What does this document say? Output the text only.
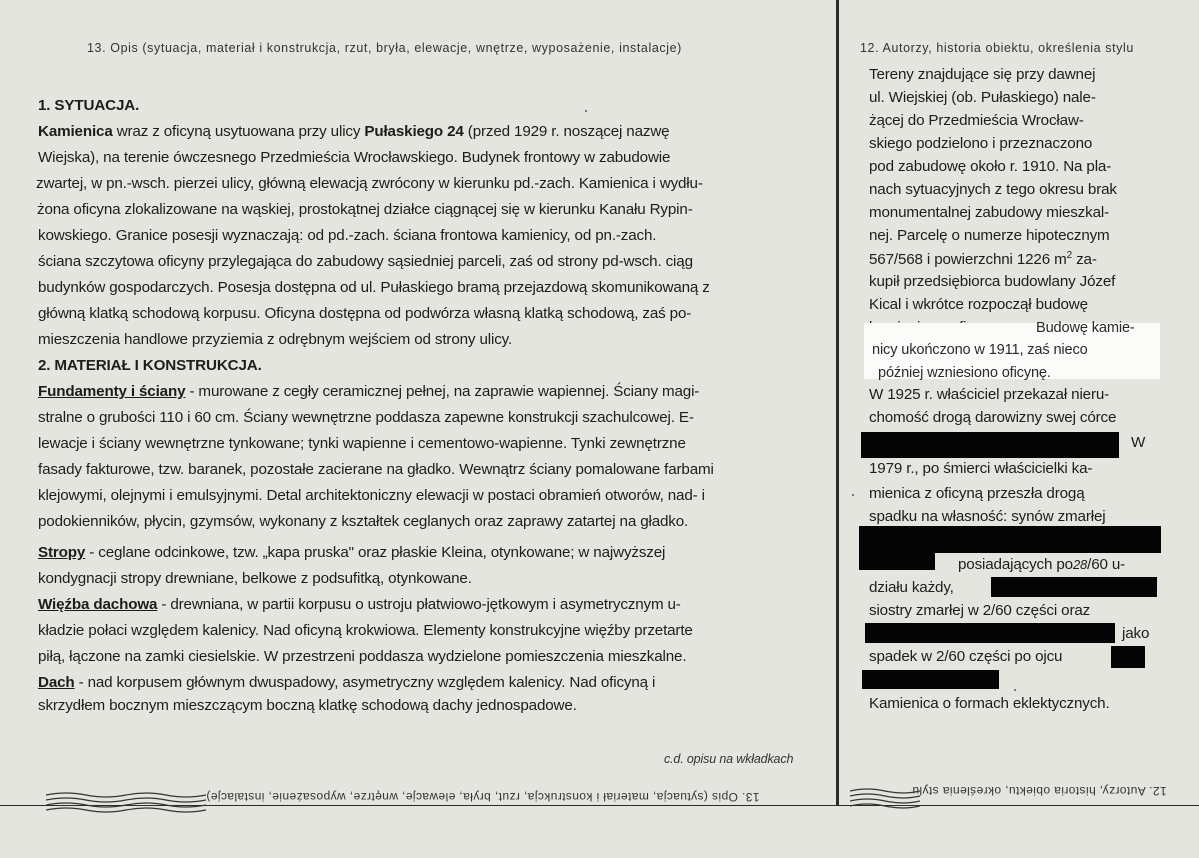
13. Opis (sytuacja, materiał i konstrukcja, rzut, bryła, elewacje, wnętrze, wyposażenie, instalacje)
1. SYTUACJA.
Kamienica wraz z oficyną usytuowana przy ulicy Pułaskiego 24 (przed 1929 r. noszącej nazwę
Wiejska), na terenie ówczesnego Przedmieścia Wrocławskiego. Budynek frontowy w zabudowie
zwartej, w pn.-wsch. pierzei ulicy, główną elewacją zwrócony w kierunku pd.-zach. Kamienica i wydłu-
żona oficyna zlokalizowane na wąskiej, prostokątnej działce ciągnącej się w kierunku Kanału Rypin-
kowskiego. Granice posesji wyznaczają: od pd.-zach. ściana frontowa kamienicy, od pn.-zach.
ściana szczytowa oficyny przylegająca do zabudowy sąsiedniej parceli, zaś od strony pd-wsch. ciąg
budynków gospodarczych. Posesja dostępna od ul. Pułaskiego bramą przejazdową skomunikowaną z
główną klatką schodową korpusu. Oficyna dostępna od podwórza własną klatką schodową, zaś po-
mieszczenia handlowe przyziemia z odrębnym wejściem od strony ulicy.
2. MATERIAŁ I KONSTRUKCJA.
Fundamenty i ściany - murowane z cegły ceramicznej pełnej, na zaprawie wapiennej. Ściany magi-
stralne o grubości 110 i 60 cm. Ściany wewnętrzne poddasza zapewne konstrukcji szachulcowej. E-
lewacje i ściany wewnętrzne tynkowane; tynki wapienne i cementowo-wapienne. Tynki zewnętrzne
fasady fakturowe, tzw. baranek, pozostałe zacierane na gładko. Wewnątrz ściany pomalowane farbami
klejowymi, olejnymi i emulsyjnymi. Detal architektoniczny elewacji w postaci obramień otworów, nad- i
podokienników, płycin, gzymsów, wykonany z kształtek ceglanych oraz zaprawy zatartej na gładko.
Stropy - ceglane odcinkowe, tzw. „kapa pruska" oraz płaskie Kleina, otynkowane; w najwyższej
kondygnacji stropy drewniane, belkowe z podsufitką, otynkowane.
Więźba dachowa - drewniana, w partii korpusu o ustroju płatwiowo-jętkowym i asymetrycznym u-
kładzie połaci względem kalenicy. Nad oficyną krokwiowa. Elementy konstrukcyjne więźby przetarte
piłą, łączone na zamki ciesielskie. W przestrzeni poddasza wydzielone pomieszczenia mieszkalne.
Dach - nad korpusem głównym dwuspadowy, asymetryczny względem kalenicy. Nad oficyną i
skrzydłem bocznym mieszczącym boczną klatkę schodową dachy jednospadowe.
c.d. opisu na wkładkach
12. Autorzy, historia obiektu, określenia stylu
Tereny znajdujące się przy dawnej
ul. Wiejskiej (ob. Pułaskiego) nale-
żącej do Przedmieścia Wrocław-
skiego podzielono i przeznaczono
pod zabudowę około r. 1910. Na pla-
nach sytuacyjnych z tego okresu brak
monumentalnej zabudowy mieszkal-
nej. Parcelę o numerze hipotecznym
567/568 i powierzchni 1226 $m^2$ za-
kupił przedsiębiorca budowlany Józef
Kical i wkrótce rozpoczął budowę
Budowę kamie-
nicy ukończono w 1911, zaś nieco
później wzniesiono oficynę.
W 1925 r. właściciel przekazał nieru-
chomość drogą darowizny swej córce
W
1979 r., po śmierci właścicielki ka-
mienica z oficyną przeszła drogą
spadku na własność: synów zmarłej
posiadających po28/60 u-
działu każdy,
siostry zmarłej w 2/60 części oraz
jako
spadek w 2/60 części po ojcu
Kamienica o formach eklektycznych.
13. Opis (sytuacja, materiał i konstrukcja, rzut, bryła, elewacje, wnętrze, wyposażenie, instalacje)	12. Autorzy, historia obiektu, określenia stylu
